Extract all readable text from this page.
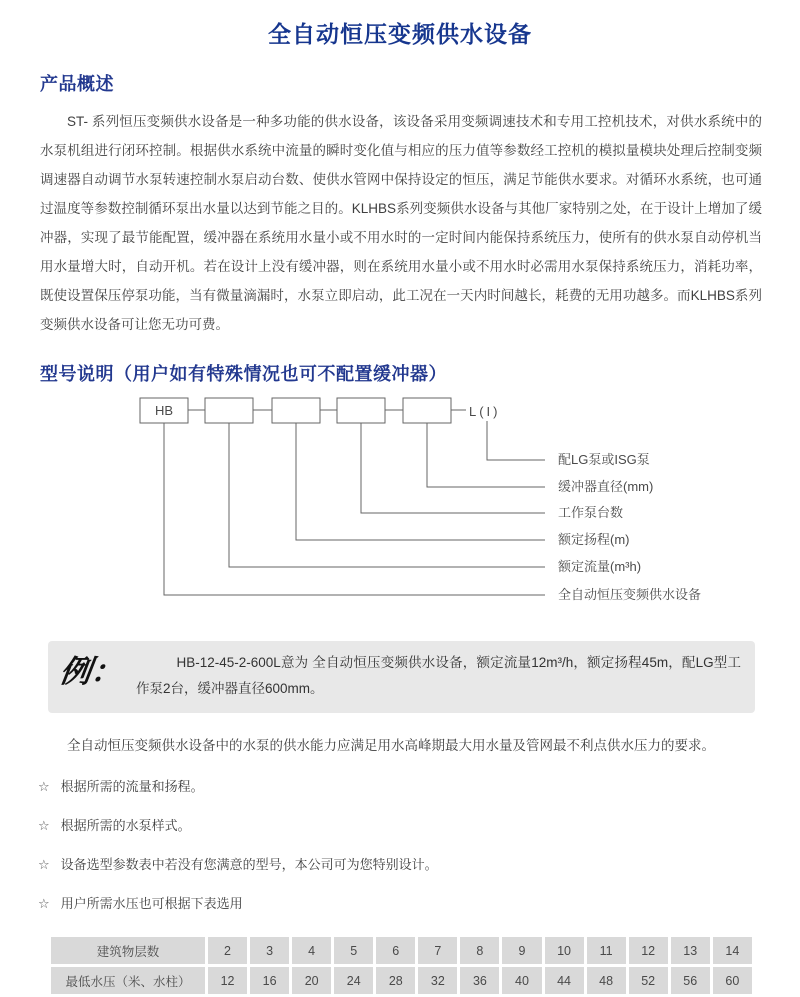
全自动恒压变频供水设备
产品概述

ST- 系列恒压变频供水设备是一种多功能的供水设备，该设备采用变频调速技术和专用工控机技术，对供水系统中的水泵机组进行闭环控制。根据供水系统中流量的瞬时变化值与相应的压力值等参数经工控机的模拟量模块处理后控制变频调速器自动调节水泵转速控制水泵启动台数、使供水管网中保持设定的恒压，满足节能供水要求。对循环水系统，也可通过温度等参数控制循环泵出水量以达到节能之目的。KLHBS系列变频供水设备与其他厂家特别之处，在于设计上增加了缓冲器，实现了最节能配置，缓冲器在系统用水量小或不用水时的一定时间内能保持系统压力，使所有的供水泵自动停机当用水量增大时，自动开机。若在设计上没有缓冲器，则在系统用水量小或不用水时必需用水泵保持系统压力，消耗功率，既使设置保压停泵功能，当有微量滴漏时，水泵立即启动，此工况在一天内时间越长，耗费的无用功越多。而KLHBS系列变频供水设备可让您无功可费。

型号说明（用户如有特殊情况也可不配置缓冲器）
HB	L(I)
配LG泵或ISG泵
缓冲器直径(mm)
工作泵台数
额定扬程(m)
额定流量(m³h)
全自动恒压变频供水设备
例：	HB-12-45-2-600L意为 全自动恒压变频供水设备，额定流量12m³/h，额定扬程45m，配LG型工作泵2台，缓冲器直径600mm。

全自动恒压变频供水设备中的水泵的供水能力应满足用水高峰期最大用水量及管网最不利点供水压力的要求。

☆ 根据所需的流量和扬程。
☆ 根据所需的水泵样式。
☆ 设备选型参数表中若没有您满意的型号，本公司可为您特别设计。
☆ 用户所需水压也可根据下表选用
建筑物层数	2	3	4	5	6	7	8	9	10	11	12	13	14
最低水压（米、水柱）	12	16	20	24	28	32	36	40	44	48	52	56	60
